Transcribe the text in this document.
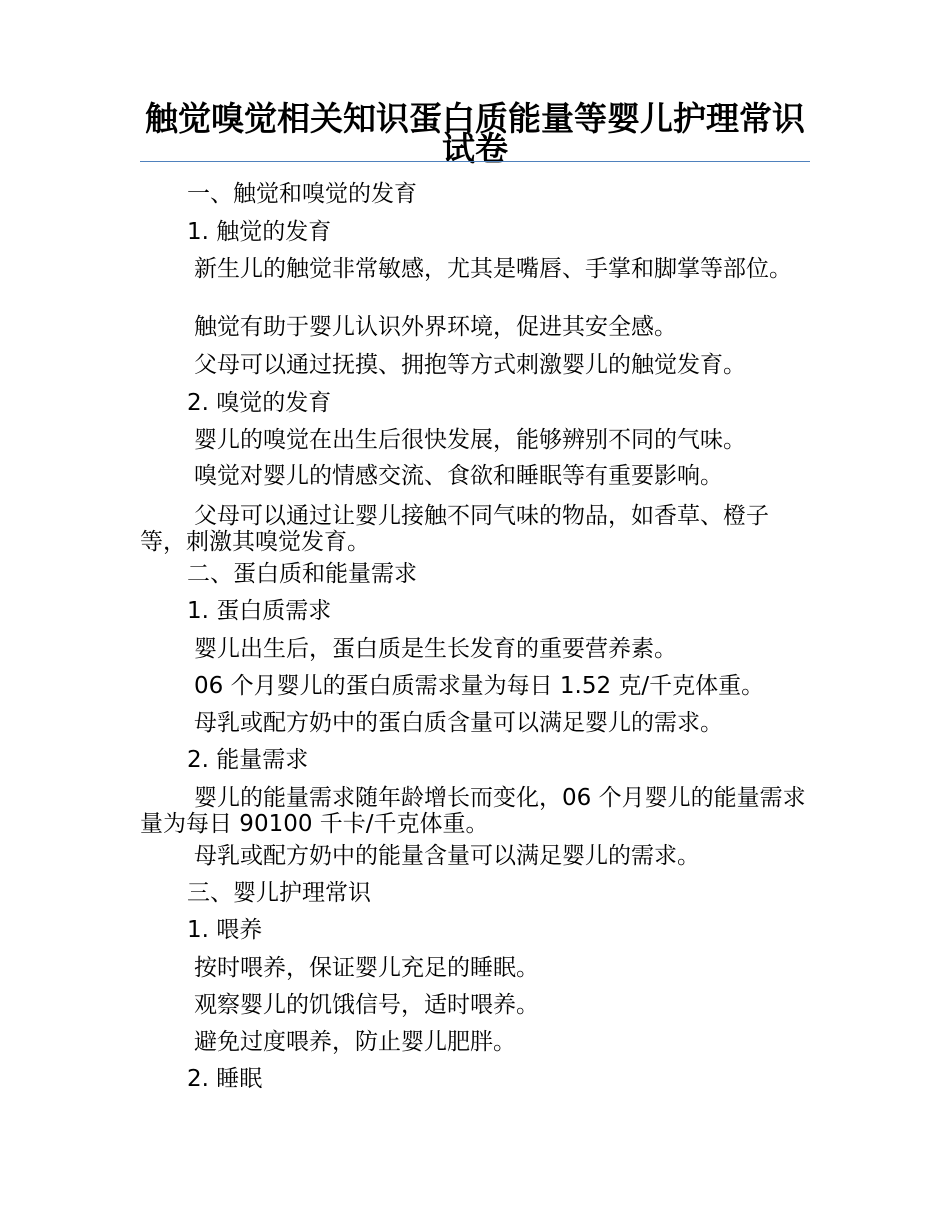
触觉嗅觉相关知识蛋白质能量等婴儿护理常识试卷
一、触觉和嗅觉的发育
1. 触觉的发育
新生儿的触觉非常敏感，尤其是嘴唇、手掌和脚掌等部位。
触觉有助于婴儿认识外界环境，促进其安全感。
父母可以通过抚摸、拥抱等方式刺激婴儿的触觉发育。
2. 嗅觉的发育
婴儿的嗅觉在出生后很快发展，能够辨别不同的气味。
嗅觉对婴儿的情感交流、食欲和睡眠等有重要影响。
父母可以通过让婴儿接触不同气味的物品，如香草、橙子等，刺激其嗅觉发育。
二、蛋白质和能量需求
1. 蛋白质需求
婴儿出生后，蛋白质是生长发育的重要营养素。
06 个月婴儿的蛋白质需求量为每日 1.52 克/千克体重。
母乳或配方奶中的蛋白质含量可以满足婴儿的需求。
2. 能量需求
婴儿的能量需求随年龄增长而变化，06 个月婴儿的能量需求量为每日 90100 千卡/千克体重。
母乳或配方奶中的能量含量可以满足婴儿的需求。
三、婴儿护理常识
1. 喂养
按时喂养，保证婴儿充足的睡眠。
观察婴儿的饥饿信号，适时喂养。
避免过度喂养，防止婴儿肥胖。
2. 睡眠
